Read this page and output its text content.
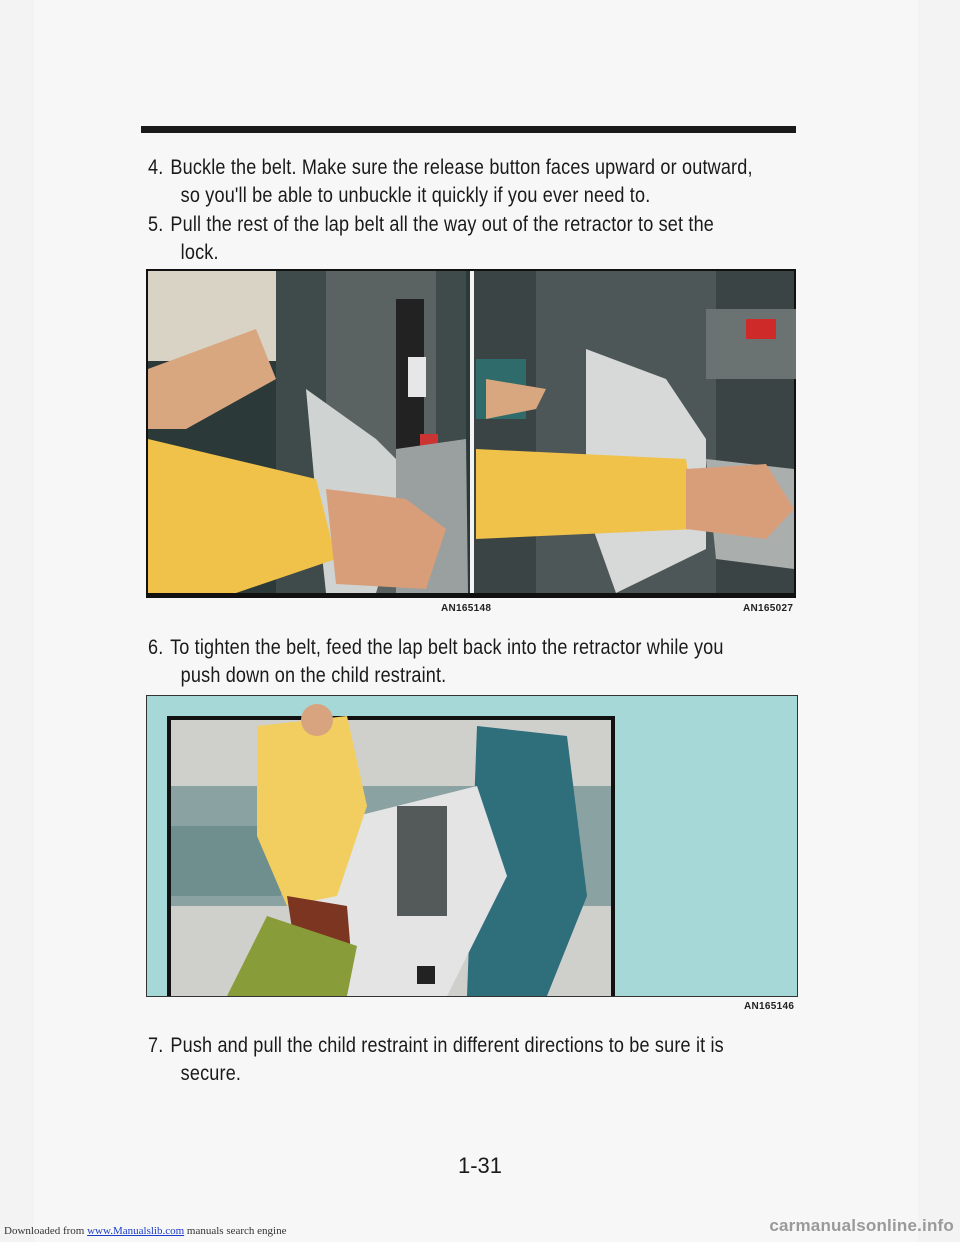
4. Buckle the belt. Make sure the release button faces upward or outward,
so you'll be able to unbuckle it quickly if you ever need to.
5. Pull the rest of the lap belt all the way out of the retractor to set the
lock.
AN165148	AN165027
6. To tighten the belt, feed the lap belt back into the retractor while you
push down on the child restraint.
AN165146
7. Push and pull the child restraint in different directions to be sure it is
secure.
1-31
Downloaded from www.Manualslib.com manuals search engine	carmanualsonline.info
